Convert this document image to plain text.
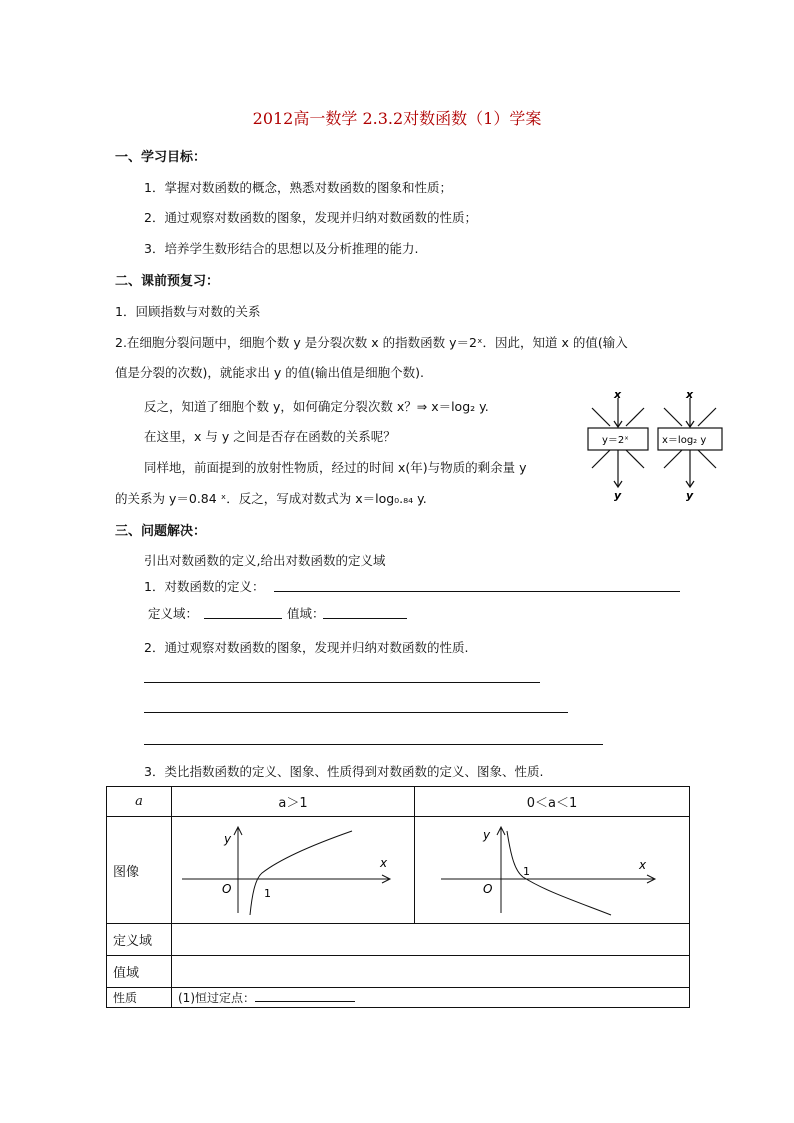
2012高一数学 2.3.2对数函数（1）学案
一、学习目标：
1．掌握对数函数的概念，熟悉对数函数的图象和性质；
2．通过观察对数函数的图象，发现并归纳对数函数的性质；
3．培养学生数形结合的思想以及分析推理的能力.
二、课前预复习：
1．回顾指数与对数的关系
2.在细胞分裂问题中，细胞个数 y 是分裂次数 x 的指数函数 y＝2ˣ．因此，知道 x 的值(输入
值是分裂的次数)，就能求出 y 的值(输出值是细胞个数).
反之，知道了细胞个数 y，如何确定分裂次数 x？⇒ x＝log₂ y.
在这里，x 与 y 之间是否存在函数的关系呢？
同样地，前面提到的放射性物质，经过的时间 x(年)与物质的剩余量 y
的关系为 y＝0.84 ˣ．反之，写成对数式为 x＝log₀.₈₄ y.
x	x
y	y
y＝2ˣ	x＝log₂ y
三、问题解决：
引出对数函数的定义,给出对数函数的定义域
1．对数函数的定义：
定义域：	值域：
2．通过观察对数函数的图象，发现并归纳对数函数的性质.
3．类比指数函数的定义、图象、性质得到对数函数的定义、图象、性质.
a	a＞1	0＜a＜1
图像	y
x
O 1	y
x
O
1

定义域		
值域		
性质	(1)恒过定点：	
